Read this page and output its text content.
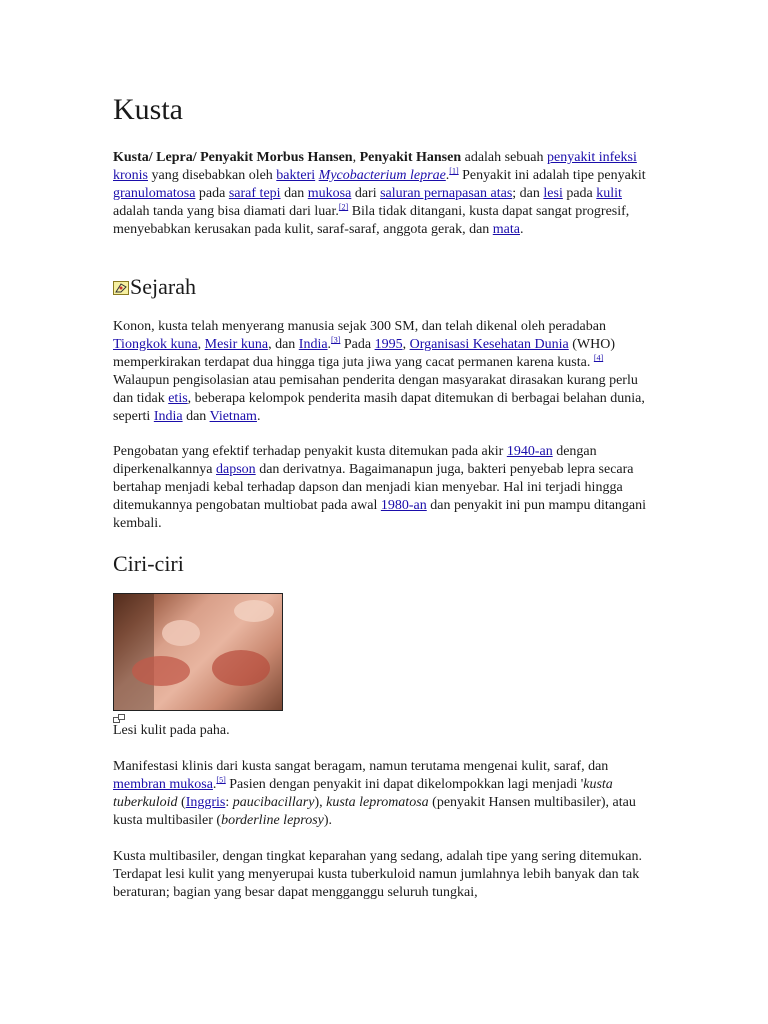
Kusta

Kusta/ Lepra/ Penyakit Morbus Hansen, Penyakit Hansen adalah sebuah penyakit infeksi kronis yang disebabkan oleh bakteri Mycobacterium leprae.[1] Penyakit ini adalah tipe penyakit granulomatosa pada saraf tepi dan mukosa dari saluran pernapasan atas; dan lesi pada kulit adalah tanda yang bisa diamati dari luar.[2] Bila tidak ditangani, kusta dapat sangat progresif, menyebabkan kerusakan pada kulit, saraf-saraf, anggota gerak, dan mata.

Sejarah

Konon, kusta telah menyerang manusia sejak 300 SM, dan telah dikenal oleh peradaban Tiongkok kuna, Mesir kuna, dan India.[3] Pada 1995, Organisasi Kesehatan Dunia (WHO) memperkirakan terdapat dua hingga tiga juta jiwa yang cacat permanen karena kusta. [4] Walaupun pengisolasian atau pemisahan penderita dengan masyarakat dirasakan kurang perlu dan tidak etis, beberapa kelompok penderita masih dapat ditemukan di berbagai belahan dunia, seperti India dan Vietnam.

Pengobatan yang efektif terhadap penyakit kusta ditemukan pada akir 1940-an dengan diperkenalkannya dapson dan derivatnya. Bagaimanapun juga, bakteri penyebab lepra secara bertahap menjadi kebal terhadap dapson dan menjadi kian menyebar. Hal ini terjadi hingga ditemukannya pengobatan multiobat pada awal 1980-an dan penyakit ini pun mampu ditangani kembali.

Ciri-ciri

Lesi kulit pada paha.

Manifestasi klinis dari kusta sangat beragam, namun terutama mengenai kulit, saraf, dan membran mukosa.[5] Pasien dengan penyakit ini dapat dikelompokkan lagi menjadi 'kusta tuberkuloid (Inggris: paucibacillary), kusta lepromatosa (penyakit Hansen multibasiler), atau kusta multibasiler (borderline leprosy).

Kusta multibasiler, dengan tingkat keparahan yang sedang, adalah tipe yang sering ditemukan. Terdapat lesi kulit yang menyerupai kusta tuberkuloid namun jumlahnya lebih banyak dan tak beraturan; bagian yang besar dapat mengganggu seluruh tungkai,
